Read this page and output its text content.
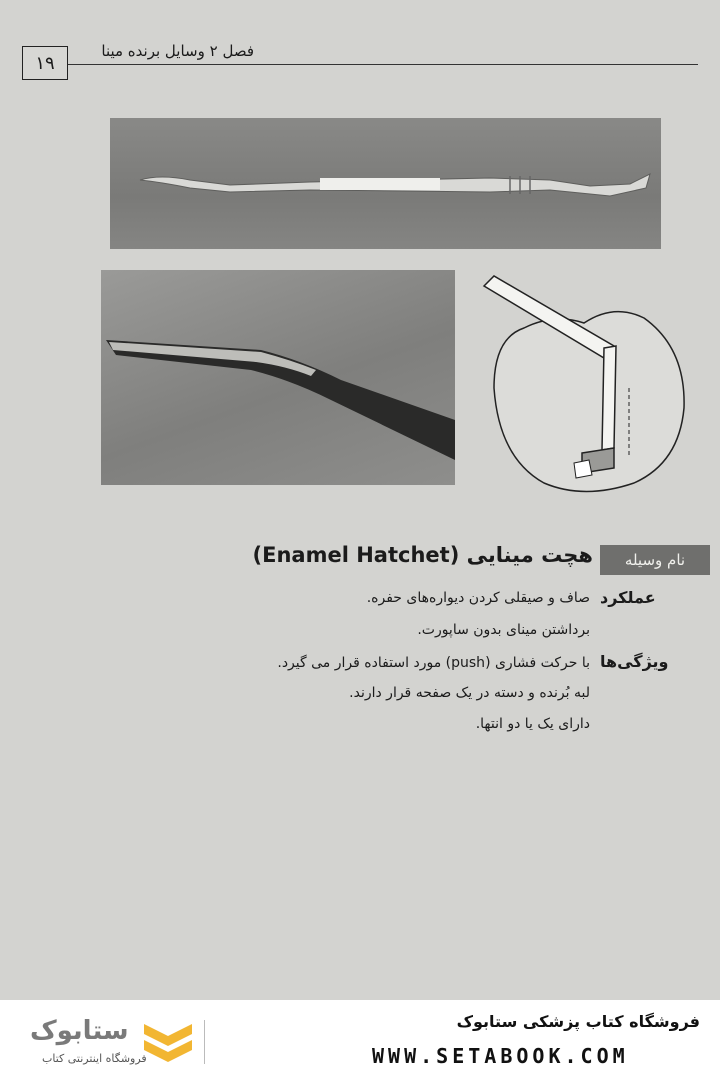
۱۹
فصل ۲ وسایل برنده مینا
نام وسیله
هچت مینایی (Enamel Hatchet)
عملکرد
صاف و صیقلی کردن دیواره‌های حفره.
برداشتن مینای بدون ساپورت.
ویژگی‌ها
با حرکت فشاری (push) مورد استفاده قرار می گیرد.
لبه بُرنده و دسته در یک صفحه قرار دارند.
دارای یک یا دو انتها.
ستابوک
فروشگاه اینترنتی کتاب
فروشگاه کتاب پزشکی ستابوک
WWW.SETABOOK.COM
